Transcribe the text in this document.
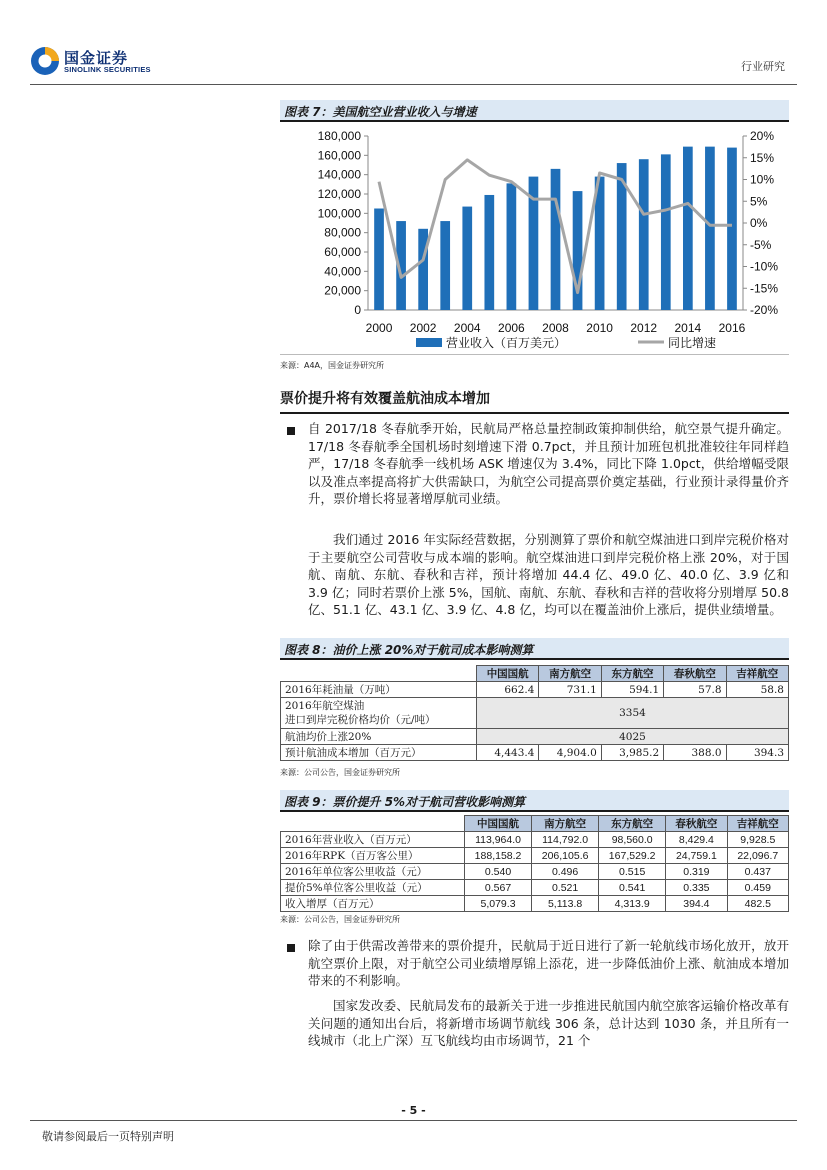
国金证券
SINOLINK SECURITIES	行业研究
图表 7：美国航空业营业收入与增速
0
20,000
40,000
60,000
80,000
100,000
120,000
140,000
160,000
180,000
-20%
-15%
-10%
-5%
0%
5%
10%
15%
20%
2000 2002 2004 2006 2008 2010 2012 2014 2016
营业收入（百万美元）	同比增速
来源：A4A，国金证券研究所
票价提升将有效覆盖航油成本增加
自 2017/18 冬春航季开始，民航局严格总量控制政策抑制供给，航空景气提升确定。17/18 冬春航季全国机场时刻增速下滑 0.7pct，并且预计加班包机批准较往年同样趋严，17/18 冬春航季一线机场 ASK 增速仅为 3.4%，同比下降 1.0pct，供给增幅受限以及准点率提高将扩大供需缺口，为航空公司提高票价奠定基础，行业预计录得量价齐升，票价增长将显著增厚航司业绩。
我们通过 2016 年实际经营数据，分别测算了票价和航空煤油进口到岸完税价格对于主要航空公司营收与成本端的影响。航空煤油进口到岸完税价格上涨 20%，对于国航、南航、东航、春秋和吉祥，预计将增加 44.4 亿、49.0 亿、40.0 亿、3.9 亿和 3.9 亿；同时若票价上涨 5%，国航、南航、东航、春秋和吉祥的营收将分别增厚 50.8 亿、51.1 亿、43.1 亿、3.9 亿、4.8 亿，均可以在覆盖油价上涨后，提供业绩增量。
图表 8：油价上涨 20%对于航司成本影响测算
	中国国航	南方航空	东方航空	春秋航空	吉祥航空
2016年耗油量（万吨）	662.4	731.1	594.1	57.8	58.8
2016年航空煤油
进口到岸完税价格均价（元/吨）	3354				
航油均价上涨20%	4025				
预计航油成本增加（百万元）	4,443.4	4,904.0	3,985.2	388.0	394.3
来源：公司公告，国金证券研究所
图表 9：票价提升 5%对于航司营收影响测算
	中国国航	南方航空	东方航空	春秋航空	吉祥航空
2016年营业收入（百万元）	113,964.0	114,792.0	98,560.0	8,429.4	9,928.5
2016年RPK（百万客公里）	188,158.2	206,105.6	167,529.2	24,759.1	22,096.7
2016年单位客公里收益（元）	0.540	0.496	0.515	0.319	0.437
提价5%单位客公里收益（元）	0.567	0.521	0.541	0.335	0.459
收入增厚（百万元）	5,079.3	5,113.8	4,313.9	394.4	482.5
来源：公司公告，国金证券研究所
除了由于供需改善带来的票价提升，民航局于近日进行了新一轮航线市场化放开，放开航空票价上限，对于航空公司业绩增厚锦上添花，进一步降低油价上涨、航油成本增加带来的不利影响。
国家发改委、民航局发布的最新关于进一步推进民航国内航空旅客运输价格改革有关问题的通知出台后，将新增市场调节航线 306 条，总计达到 1030 条，并且所有一线城市（北上广深）互飞航线均由市场调节，21 个
- 5 -
敬请参阅最后一页特别声明
